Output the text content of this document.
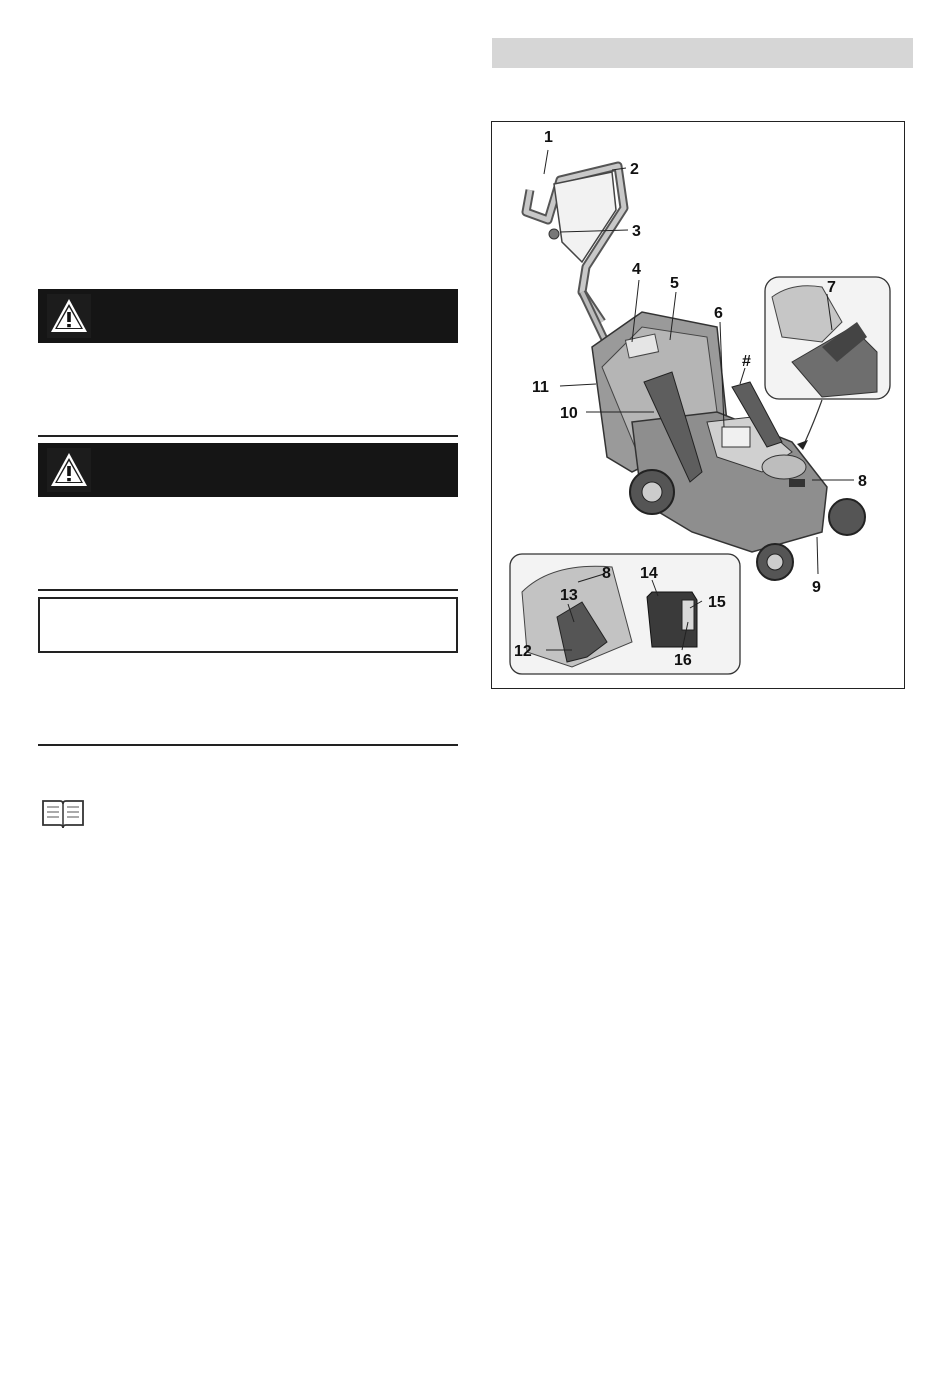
1
2
3
4
5
6
#
7
8
9
10
11
8
13
14
15
12
16
